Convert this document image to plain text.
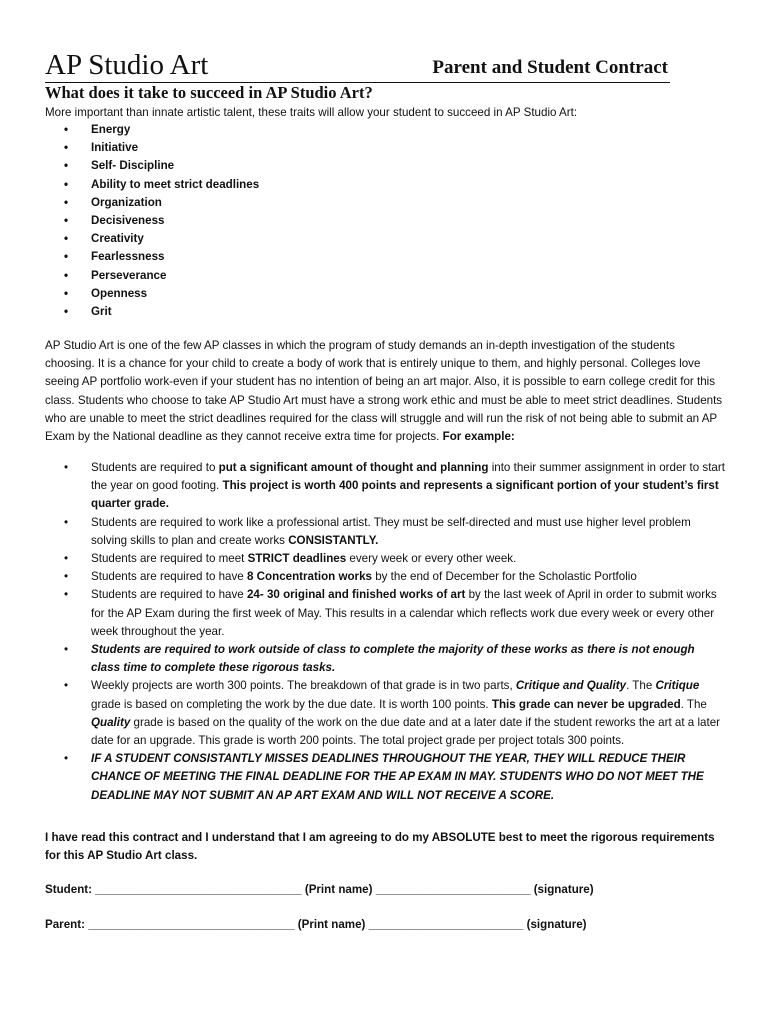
AP Studio Art	Parent and Student Contract
What does it take to succeed in AP Studio Art?
More important than innate artistic talent, these traits will allow your student to succeed in AP Studio Art:
• Energy
• Initiative
• Self- Discipline
• Ability to meet strict deadlines
• Organization
• Decisiveness
• Creativity
• Fearlessness
• Perseverance
• Openness
• Grit

AP Studio Art is one of the few AP classes in which the program of study demands an in-depth investigation of the students choosing. It is a chance for your child to create a body of work that is entirely unique to them, and highly personal. Colleges love seeing AP portfolio work-even if your student has no intention of being an art major. Also, it is possible to earn college credit for this class. Students who choose to take AP Studio Art must have a strong work ethic and must be able to meet strict deadlines. Students who are unable to meet the strict deadlines required for the class will struggle and will run the risk of not being able to submit an AP Exam by the National deadline as they cannot receive extra time for projects. For example:

• Students are required to put a significant amount of thought and planning into their summer assignment in order to start the year on good footing. This project is worth 400 points and represents a significant portion of your student’s first quarter grade.
• Students are required to work like a professional artist. They must be self-directed and must use higher level problem solving skills to plan and create works CONSISTANTLY.
• Students are required to meet STRICT deadlines every week or every other week.
• Students are required to have 8 Concentration works by the end of December for the Scholastic Portfolio
• Students are required to have 24- 30 original and finished works of art by the last week of April in order to submit works for the AP Exam during the first week of May. This results in a calendar which reflects work due every week or every other week throughout the year.
• Students are required to work outside of class to complete the majority of these works as there is not enough class time to complete these rigorous tasks.
• Weekly projects are worth 300 points. The breakdown of that grade is in two parts, Critique and Quality. The Critique grade is based on completing the work by the due date. It is worth 100 points. This grade can never be upgraded. The Quality grade is based on the quality of the work on the due date and at a later date if the student reworks the art at a later date for an upgrade. This grade is worth 200 points. The total project grade per project totals 300 points.
• IF A STUDENT CONSISTANTLY MISSES DEADLINES THROUGHOUT THE YEAR, THEY WILL REDUCE THEIR CHANCE OF MEETING THE FINAL DEADLINE FOR THE AP EXAM IN MAY. STUDENTS WHO DO NOT MEET THE DEADLINE MAY NOT SUBMIT AN AP ART EXAM AND WILL NOT RECEIVE A SCORE.

I have read this contract and I understand that I am agreeing to do my ABSOLUTE best to meet the rigorous requirements for this AP Studio Art class.

Student: ________________________________ (Print name) ________________________ (signature)
Parent: ________________________________ (Print name) ________________________ (signature)
